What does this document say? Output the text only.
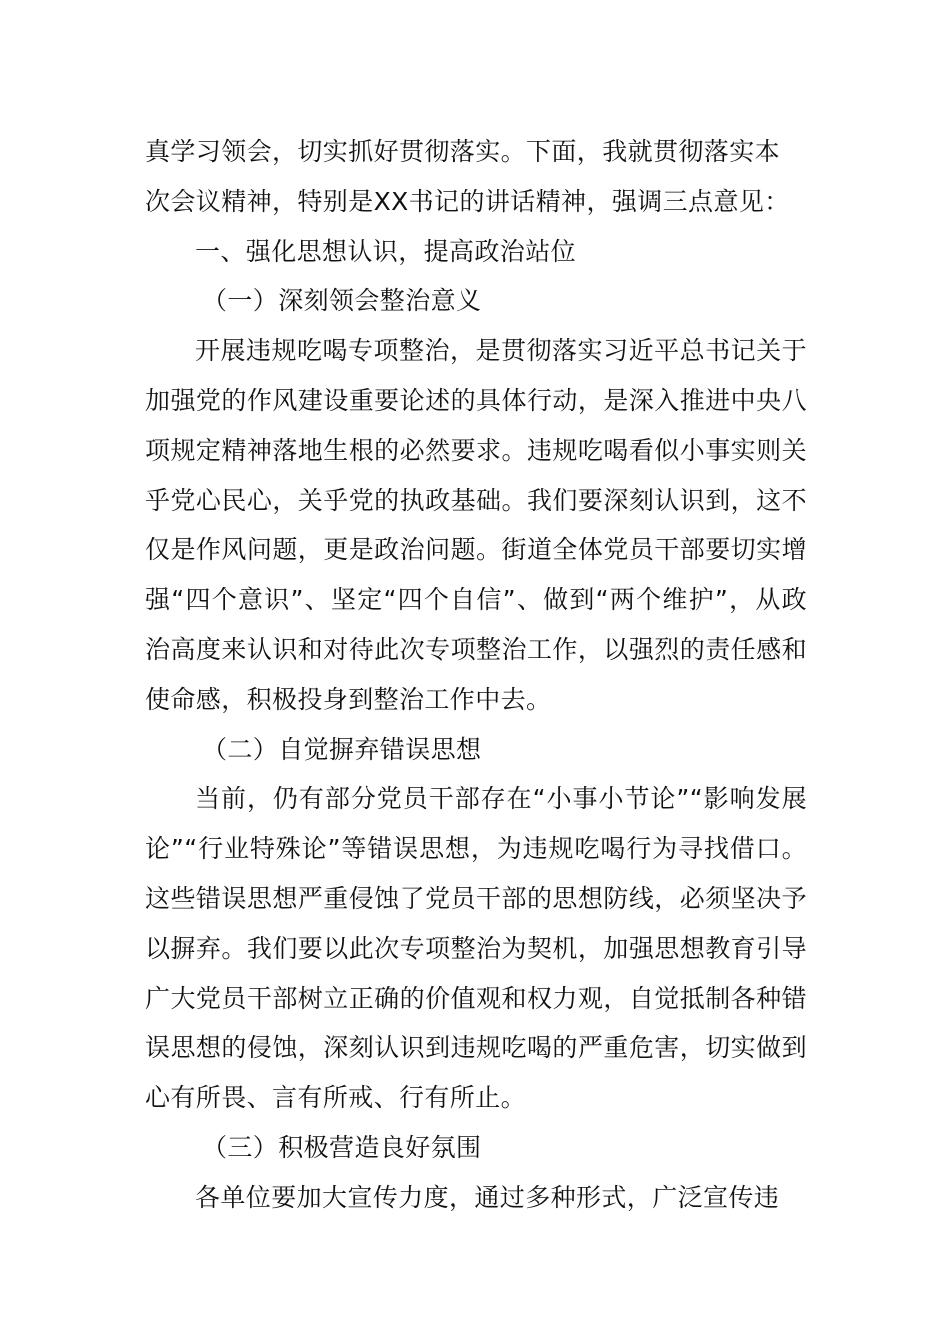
真学习领会，切实抓好贯彻落实。下面，我就贯彻落实本
次会议精神，特别是XX书记的讲话精神，强调三点意见：

一、强化思想认识，提高政治站位

（一）深刻领会整治意义

开展违规吃喝专项整治，是贯彻落实习近平总书记关于加强党的作风建设重要论述的具体行动，是深入推进中央八项规定精神落地生根的必然要求。违规吃喝看似小事实则关乎党心民心，关乎党的执政基础。我们要深刻认识到，这不仅是作风问题，更是政治问题。街道全体党员干部要切实增强“四个意识”、坚定“四个自信”、做到“两个维护”，从政治高度来认识和对待此次专项整治工作，以强烈的责任感和使命感，积极投身到整治工作中去。

（二）自觉摒弃错误思想

当前，仍有部分党员干部存在“小事小节论”“影响发展论”“行业特殊论”等错误思想，为违规吃喝行为寻找借口。这些错误思想严重侵蚀了党员干部的思想防线，必须坚决予以摒弃。我们要以此次专项整治为契机，加强思想教育引导广大党员干部树立正确的价值观和权力观，自觉抵制各种错误思想的侵蚀，深刻认识到违规吃喝的严重危害，切实做到心有所畏、言有所戒、行有所止。

（三）积极营造良好氛围

各单位要加大宣传力度，通过多种形式，广泛宣传违
